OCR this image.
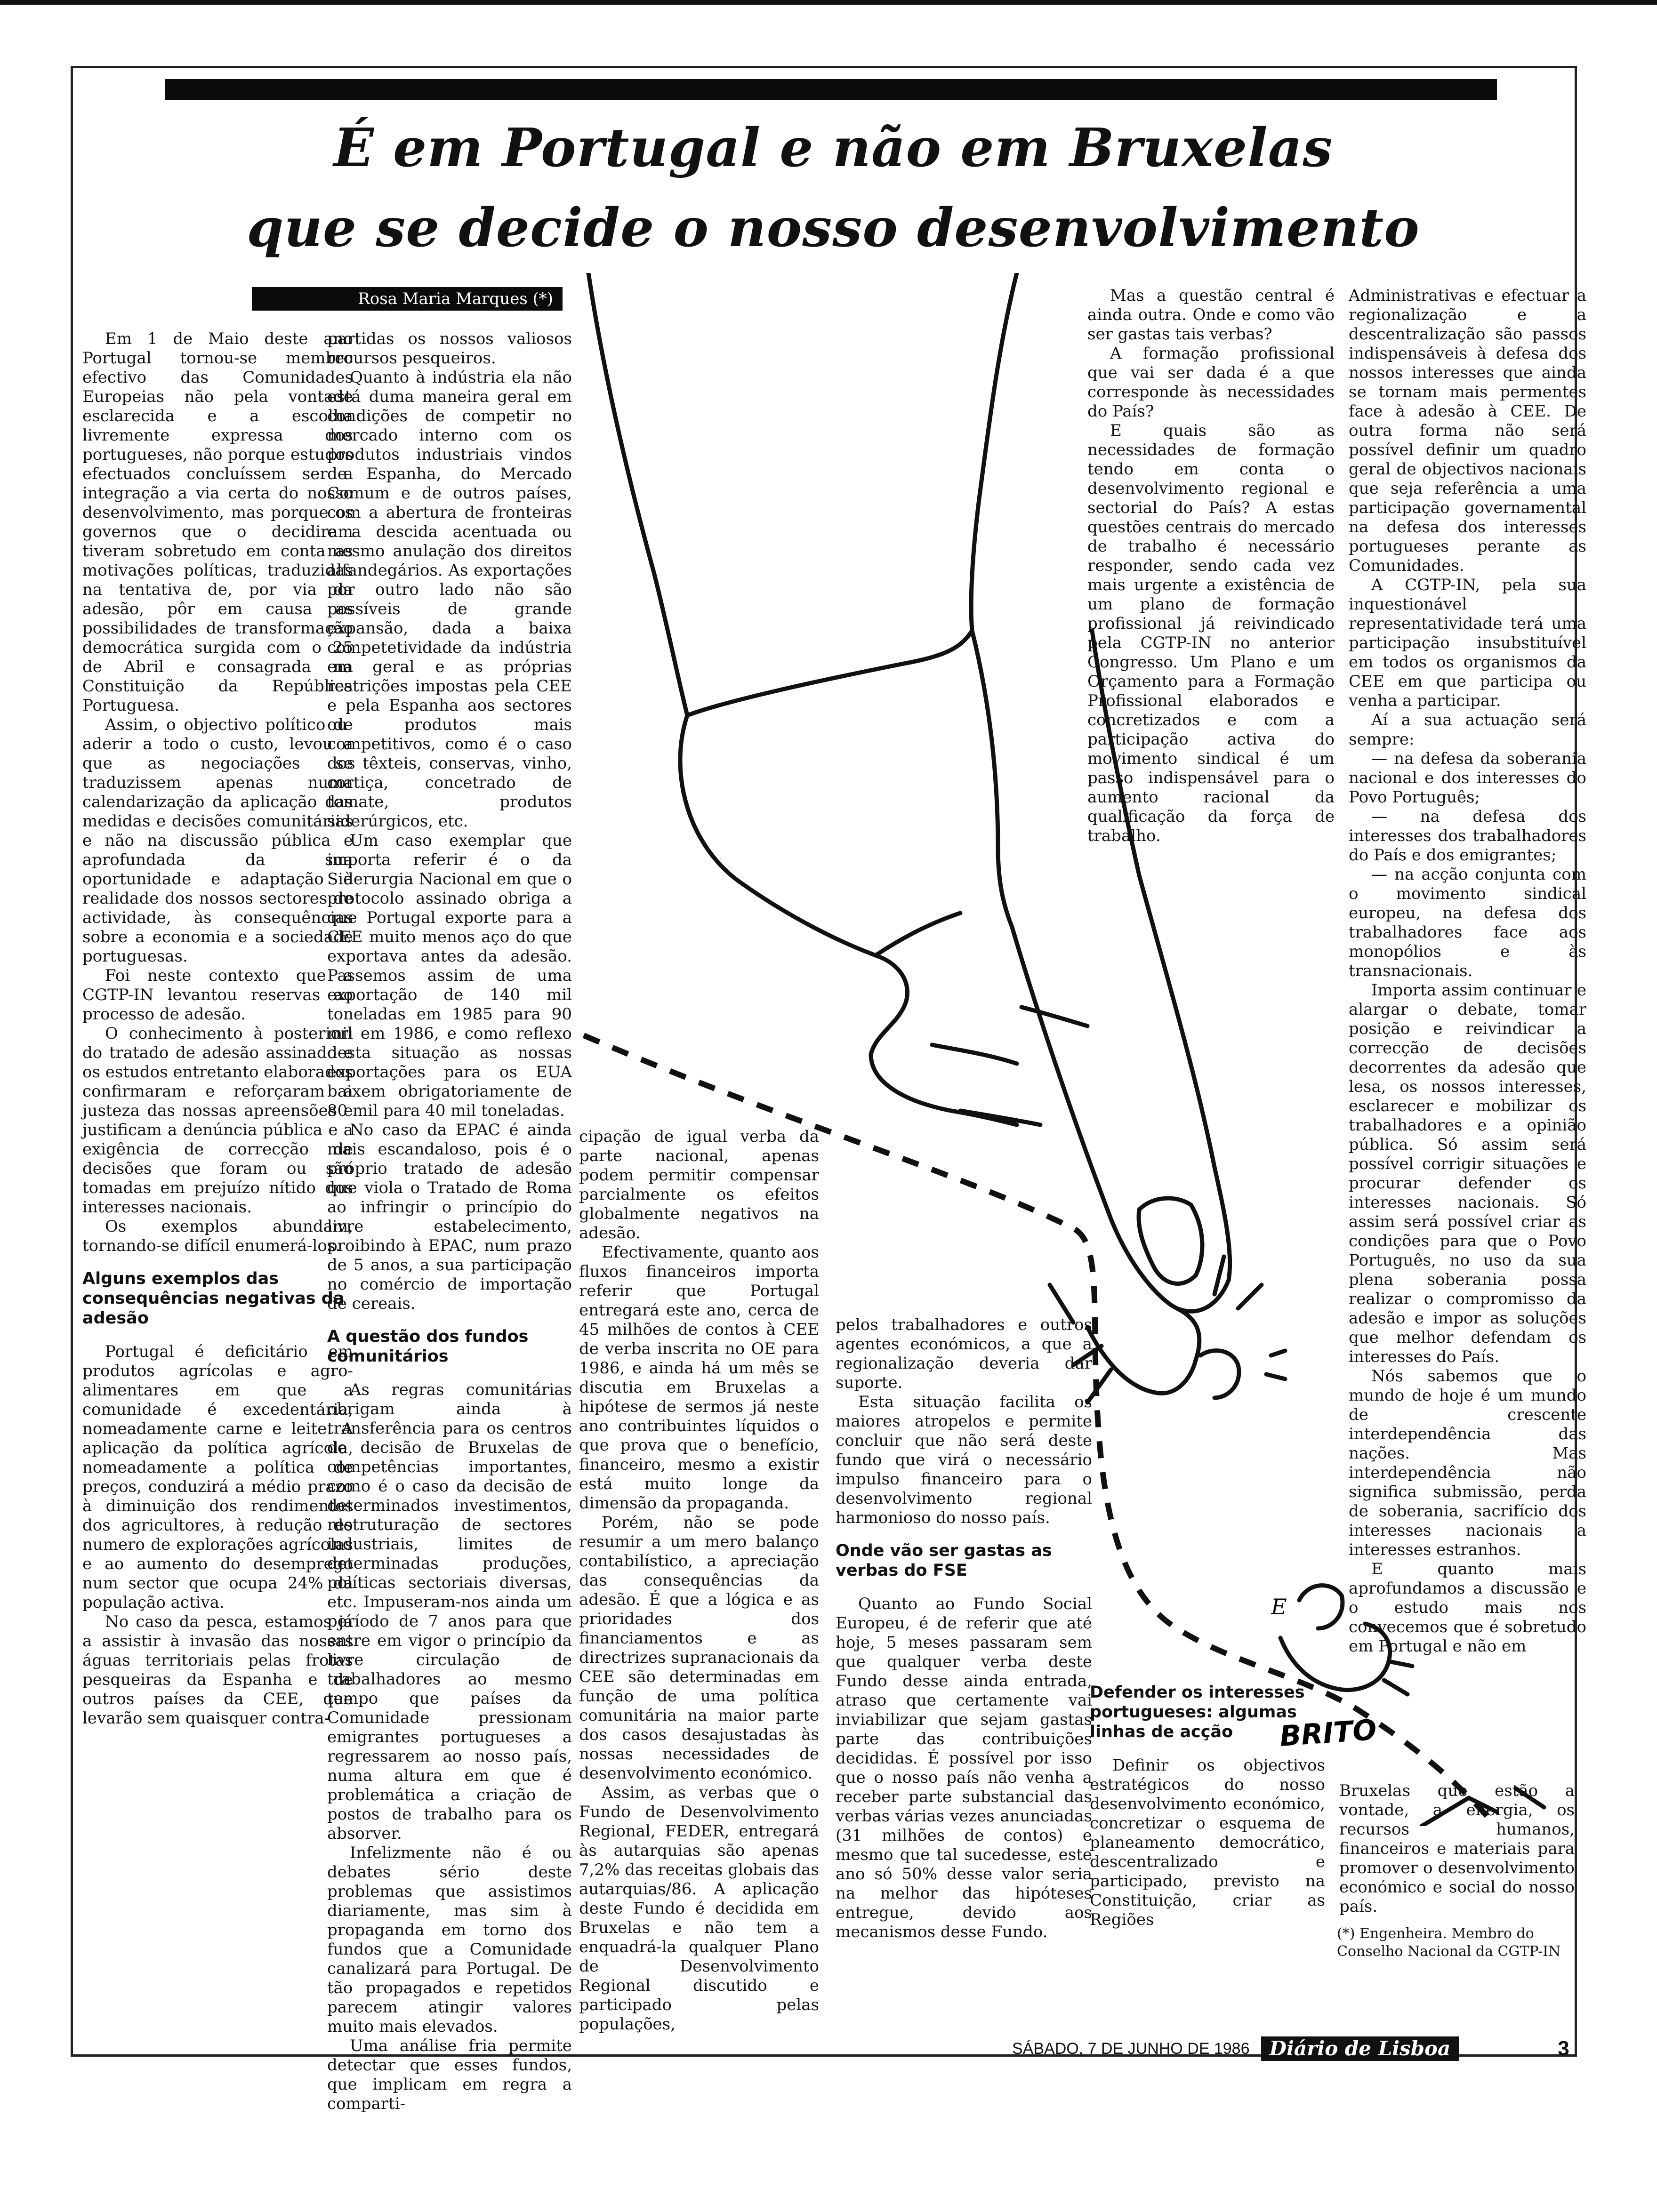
É em Portugal e não em Bruxelas
que se decide o nosso desenvolvimento
Rosa Maria Marques (*)
E
BRITO

Em 1 de Maio deste ano Portugal tornou-se membro efectivo das Comunidades Europeias não pela vontade esclarecida e a escolha livremente expressa dos portugueses, não porque estudos efectuados concluíssem ser a integração a via certa do nosso desenvolvimento, mas porque os governos que o decidiram tiveram sobretudo em conta as motivações políticas, traduzidas na tentativa de, por via da adesão, pôr em causa as possibilidades de transformação democrática surgida com o 25 de Abril e consagrada na Constituição da República Portuguesa.

Assim, o objectivo político de aderir a todo o custo, levou a que as negociações se traduzissem apenas numa calendarização da aplicação das medidas e decisões comunitárias e não na discussão pública e aprofundada da sua oportunidade e adaptação à realidade dos nossos sectores de actividade, às consequências sobre a economia e a sociedade portuguesas.

Foi neste contexto que a CGTP-IN levantou reservas ao processo de adesão.

O conhecimento à posteriori do tratado de adesão assinado e os estudos entretanto elaborados confirmaram e reforçaram a justeza das nossas apreensões e justificam a denúncia pública e a exigência de correcção de decisões que foram ou são tomadas em prejuízo nítido dos interesses nacionais.

Os exemplos abundam, tornando-se difícil enumerá-los.

Alguns exemplos das consequências negativas da adesão

Portugal é deficitário em produtos agrícolas e agro-alimentares em que a comunidade é excedentária, nomeadamente carne e leite. A aplicação da política agrícola, nomeadamente a política de preços, conduzirá a médio prazo à diminuição dos rendimentos dos agricultores, à redução do numero de explorações agrícolas e ao aumento do desemprego num sector que ocupa 24% da população activa.

No caso da pesca, estamos já a assistir à invasão das nossas águas territoriais pelas frotas pesqueiras da Espanha e de outros países da CEE, que levarão sem quaisquer contra-

partidas os nossos valiosos recursos pesqueiros.

Quanto à indústria ela não está duma maneira geral em condições de competir no mercado interno com os produtos industriais vindos de Espanha, do Mercado Comum e de outros países, com a abertura de fronteiras e a descida acentuada ou mesmo anulação dos direitos alfandegários. As exportações por outro lado não são possíveis de grande expansão, dada a baixa competetividade da indústria em geral e as próprias restrições impostas pela CEE e pela Espanha aos sectores ou produtos mais competitivos, como é o caso dos têxteis, conservas, vinho, cortiça, concetrado de tomate, produtos siderúrgicos, etc.

Um caso exemplar que importa referir é o da Siderurgia Nacional em que o protocolo assinado obriga a que Portugal exporte para a CEE muito menos aço do que exportava antes da adesão. Passemos assim de uma exportação de 140 mil toneladas em 1985 para 90 mil em 1986, e como reflexo desta situação as nossas exportações para os EUA baixem obrigatoriamente de 80 mil para 40 mil toneladas.

No caso da EPAC é ainda mais escandaloso, pois é o próprio tratado de adesão que viola o Tratado de Roma ao infringir o princípio do livre estabelecimento, proibindo à EPAC, num prazo de 5 anos, a sua participação no comércio de importação de cereais.

A questão dos fundos comunitários

As regras comunitárias obrigam ainda à transferência para os centros de decisão de Bruxelas de competências importantes, como é o caso da decisão de determinados investimentos, restruturação de sectores industriais, limites de determinadas produções, políticas sectoriais diversas, etc. Impuseram-nos ainda um período de 7 anos para que entre em vigor o princípio da livre circulação de trabalhadores ao mesmo tempo que países da Comunidade pressionam emigrantes portugueses a regressarem ao nosso país, numa altura em que é problemática a criação de postos de trabalho para os absorver.

Infelizmente não é ou debates sério deste problemas que assistimos diariamente, mas sim à propaganda em torno dos fundos que a Comunidade canalizará para Portugal. De tão propagados e repetidos parecem atingir valores muito mais elevados.

Uma análise fria permite detectar que esses fundos, que implicam em regra a comparti-

cipação de igual verba da parte nacional, apenas podem permitir compensar parcialmente os efeitos globalmente negativos na adesão.

Efectivamente, quanto aos fluxos financeiros importa referir que Portugal entregará este ano, cerca de 45 milhões de contos à CEE de verba inscrita no OE para 1986, e ainda há um mês se discutia em Bruxelas a hipótese de sermos já neste ano contribuintes líquidos o que prova que o benefício, financeiro, mesmo a existir está muito longe da dimensão da propaganda.

Porém, não se pode resumir a um mero balanço contabilístico, a apreciação das consequências da adesão. É que a lógica e as prioridades dos financiamentos e as directrizes supranacionais da CEE são determinadas em função de uma política comunitária na maior parte dos casos desajustadas às nossas necessidades de desenvolvimento económico.

Assim, as verbas que o Fundo de Desenvolvimento Regional, FEDER, entregará às autarquias são apenas 7,2% das receitas globais das autarquias/86. A aplicação deste Fundo é decidida em Bruxelas e não tem a enquadrá-la qualquer Plano de Desenvolvimento Regional discutido e participado pelas populações,

pelos trabalhadores e outros agentes económicos, a que a regionalização deveria dar suporte.

Esta situação facilita os maiores atropelos e permite concluir que não será deste fundo que virá o necessário impulso financeiro para o desenvolvimento regional harmonioso do nosso país.

Onde vão ser gastas as verbas do FSE

Quanto ao Fundo Social Europeu, é de referir que até hoje, 5 meses passaram sem que qualquer verba deste Fundo desse ainda entrada, atraso que certamente vai inviabilizar que sejam gastas parte das contribuições decididas. É possível por isso que o nosso país não venha a receber parte substancial das verbas várias vezes anunciadas (31 milhões de contos) e mesmo que tal sucedesse, este ano só 50% desse valor seria na melhor das hipóteses entregue, devido aos mecanismos desse Fundo.

Mas a questão central é ainda outra. Onde e como vão ser gastas tais verbas?

A formação profissional que vai ser dada é a que corresponde às necessidades do País?

E quais são as necessidades de formação tendo em conta o desenvolvimento regional e sectorial do País? A estas questões centrais do mercado de trabalho é necessário responder, sendo cada vez mais urgente a existência de um plano de formação profissional já reivindicado pela CGTP-IN no anterior Congresso. Um Plano e um Orçamento para a Formação Profissional elaborados e concretizados e com a participação activa do movimento sindical é um passo indispensável para o aumento racional da qualificação da força de trabalho.

Defender os interesses portugueses: algumas linhas de acção

Definir os objectivos estratégicos do nosso desenvolvimento económico, concretizar o esquema de planeamento democrático, descentralizado e participado, previsto na Constituição, criar as Regiões

Administrativas e efectuar a regionalização e a descentralização são passos indispensáveis à defesa dos nossos interesses que ainda se tornam mais permentes face à adesão à CEE. De outra forma não será possível definir um quadro geral de objectivos nacionais que seja referência a uma participação governamental na defesa dos interesses portugueses perante as Comunidades.

A CGTP-IN, pela sua inquestionável representatividade terá uma participação insubstituível em todos os organismos da CEE em que participa ou venha a participar.

Aí a sua actuação será sempre:

— na defesa da soberania nacional e dos interesses do Povo Português;

— na defesa dos interesses dos trabalhadores do País e dos emigrantes;

— na acção conjunta com o movimento sindical europeu, na defesa dos trabalhadores face aos monopólios e às transnacionais.

Importa assim continuar e alargar o debate, tomar posição e reivindicar a correcção de decisões decorrentes da adesão que lesa, os nossos interesses, esclarecer e mobilizar os trabalhadores e a opinião pública. Só assim será possível corrigir situações e procurar defender os interesses nacionais. Só assim será possível criar as condições para que o Povo Português, no uso da sua plena soberania possa realizar o compromisso da adesão e impor as soluções que melhor defendam os interesses do País.

Nós sabemos que o mundo de hoje é um mundo de crescente interdependência das nações. Mas interdependência não significa submissão, perda de soberania, sacrifício dos interesses nacionais a interesses estranhos.

E quanto mais aprofundamos a discussão e o estudo mais nos convecemos que é sobretudo em Portugal e não em

Bruxelas que estão a vontade, a energia, os recursos humanos, financeiros e materiais para promover o desenvolvimento económico e social do nosso país.

(*) Engenheira. Membro do Conselho Nacional da CGTP-IN
SÁBADO, 7 DE JUNHO DE 1986	Diário de Lisboa	3
